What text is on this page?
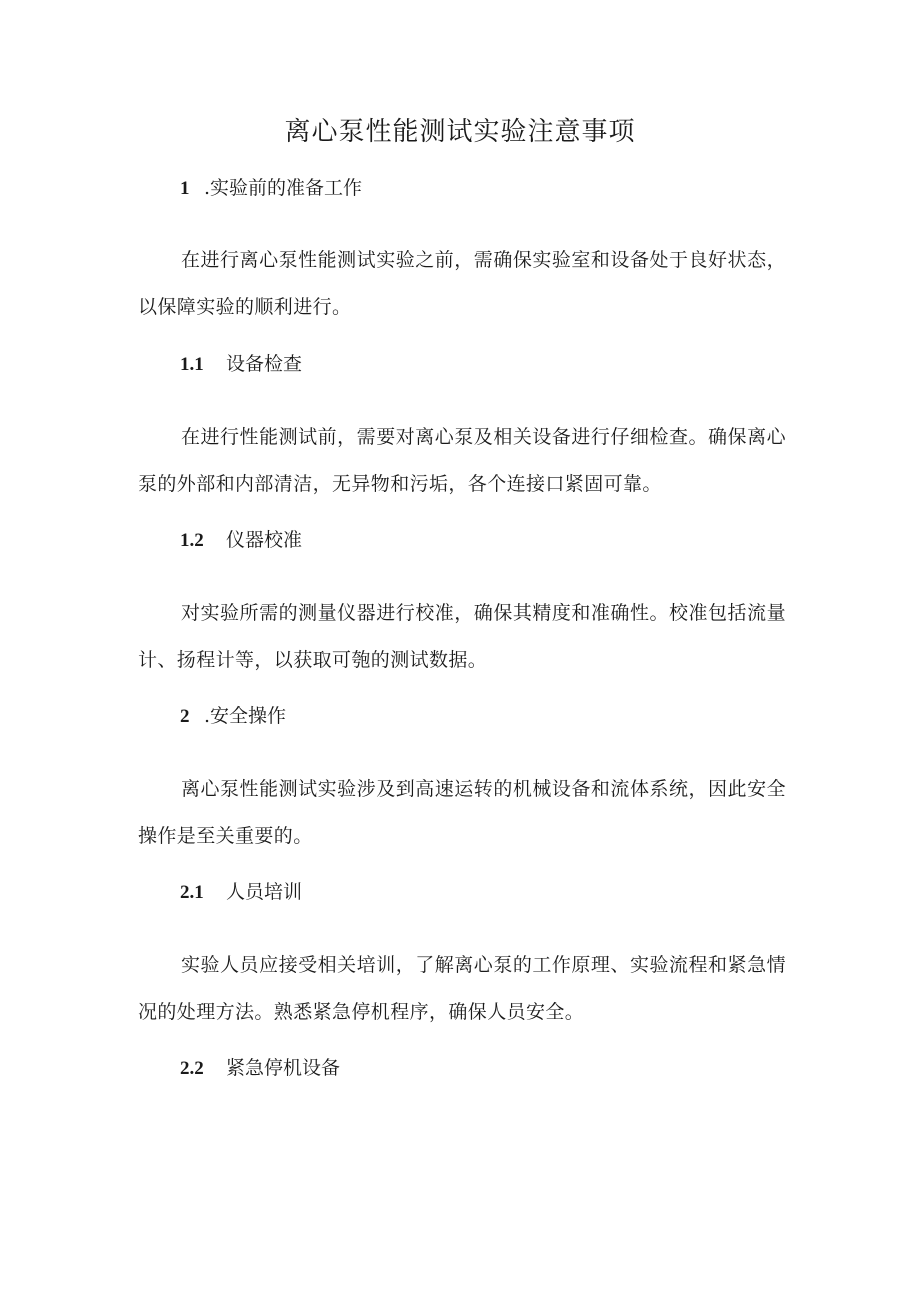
离心泵性能测试实验注意事项
1 .实验前的准备工作
在进行离心泵性能测试实验之前，需确保实验室和设备处于良好状态，以保障实验的顺利进行。
1.1 设备检查
在进行性能测试前，需要对离心泵及相关设备进行仔细检查。确保离心泵的外部和内部清洁，无异物和污垢，各个连接口紧固可靠。
1.2 仪器校准
对实验所需的测量仪器进行校准，确保其精度和准确性。校准包括流量计、扬程计等，以获取可匏的测试数据。
2 .安全操作
离心泵性能测试实验涉及到高速运转的机械设备和流体系统，因此安全操作是至关重要的。
2.1 人员培训
实验人员应接受相关培训，了解离心泵的工作原理、实验流程和紧急情况的处理方法。熟悉紧急停机程序，确保人员安全。
2.2 紧急停机设备
